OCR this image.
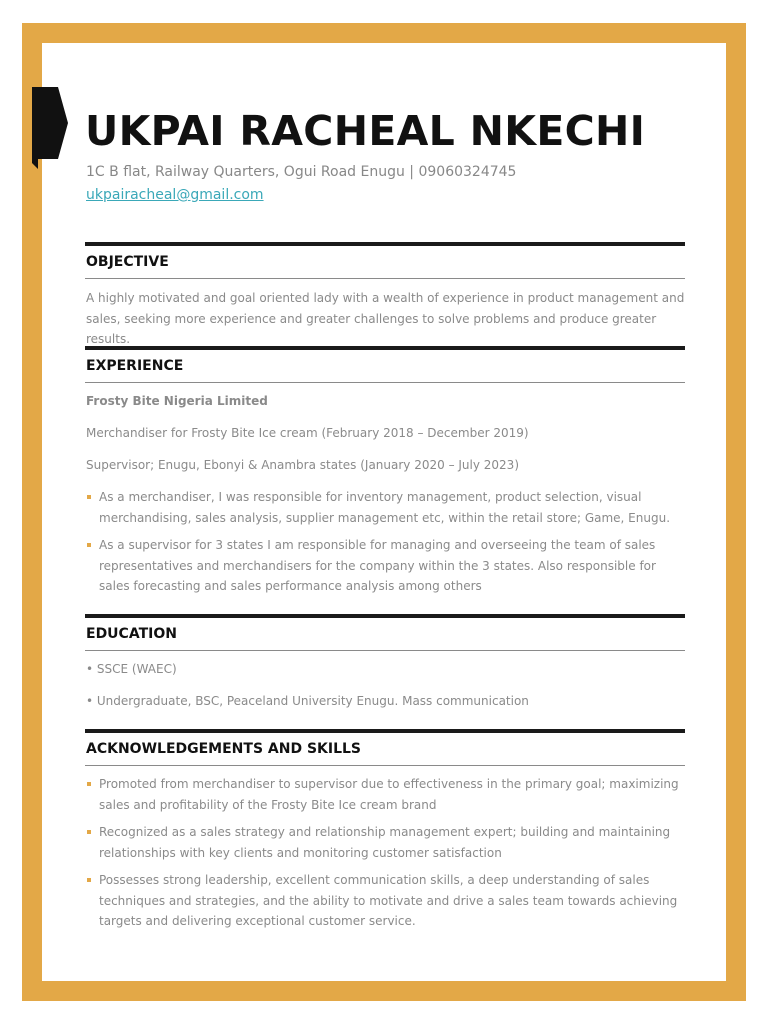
UKPAI RACHEAL NKECHI
1C B flat, Railway Quarters, Ogui Road Enugu | 09060324745
ukpairacheal@gmail.com
OBJECTIVE
A highly motivated and goal oriented lady with a wealth of experience in product management and sales, seeking more experience and greater challenges to solve problems and produce greater results.
EXPERIENCE
Frosty Bite Nigeria Limited
Merchandiser for Frosty Bite Ice cream (February 2018 – December 2019)
Supervisor; Enugu, Ebonyi & Anambra states (January 2020 – July 2023)
As a merchandiser, I was responsible for inventory management, product selection, visual merchandising, sales analysis, supplier management etc, within the retail store; Game, Enugu.
As a supervisor for 3 states I am responsible for managing and overseeing the team of sales representatives and merchandisers for the company within the 3 states. Also responsible for sales forecasting and sales performance analysis among others
EDUCATION
• SSCE (WAEC)
• Undergraduate, BSC, Peaceland University Enugu. Mass communication
ACKNOWLEDGEMENTS AND SKILLS
Promoted from merchandiser to supervisor due to effectiveness in the primary goal; maximizing sales and profitability of the Frosty Bite Ice cream brand
Recognized as a sales strategy and relationship management expert; building and maintaining relationships with key clients and monitoring customer satisfaction
Possesses strong leadership, excellent communication skills, a deep understanding of sales techniques and strategies, and the ability to motivate and drive a sales team towards achieving targets and delivering exceptional customer service.
